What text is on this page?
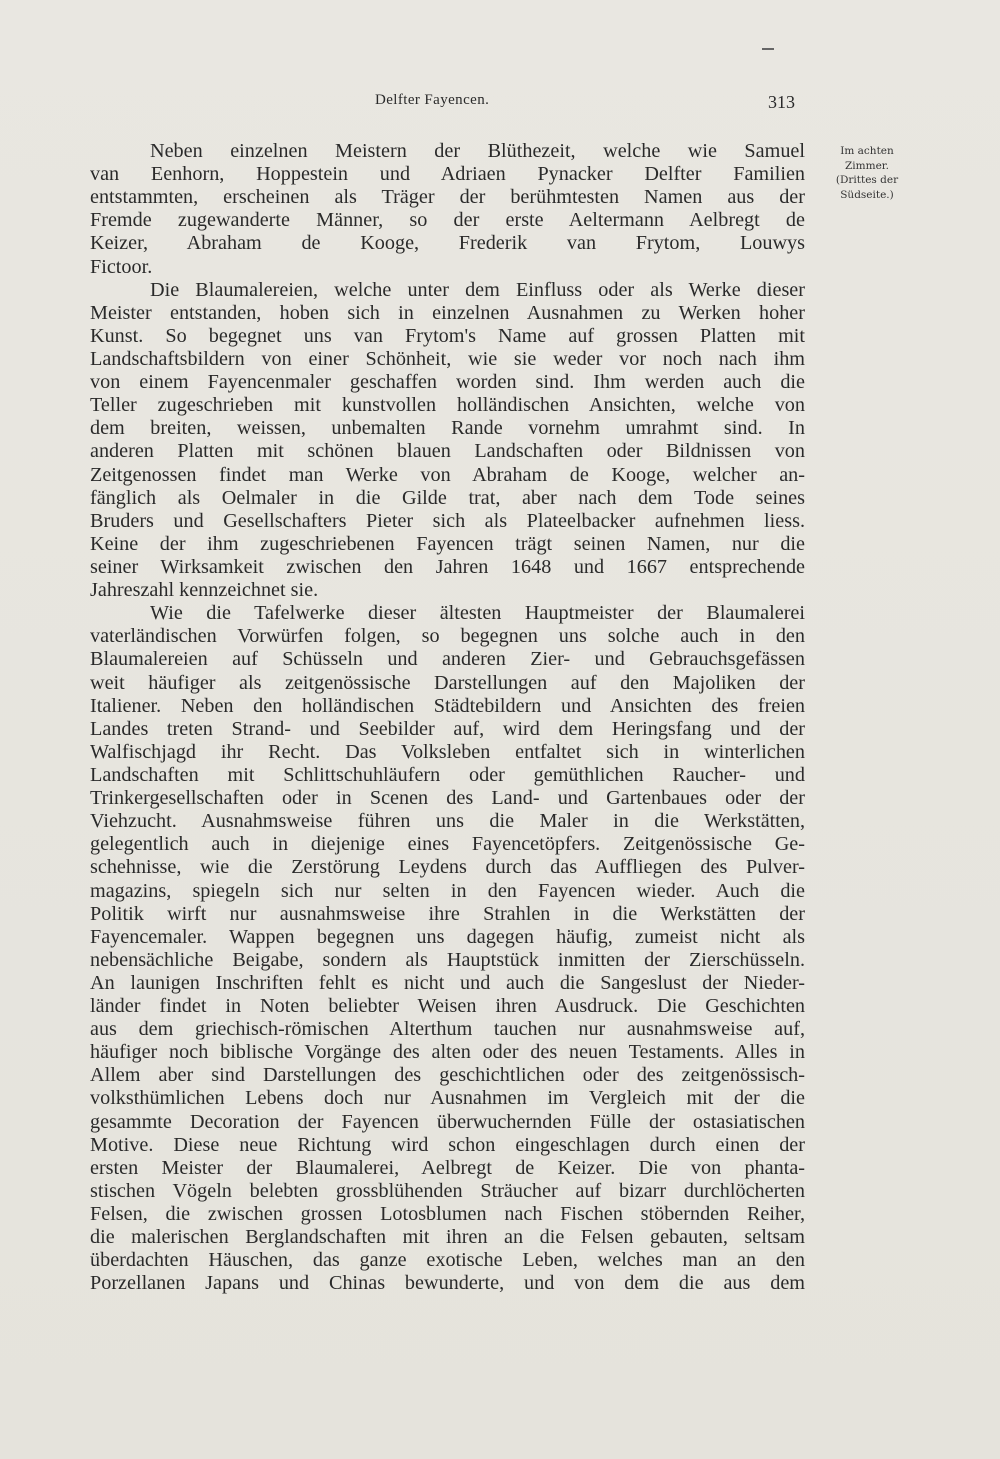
Delfter Fayencen.	313
Im achten
Zimmer.
(Drittes der
Südseite.)
Neben einzelnen Meistern der Blüthezeit, welche wie Samuel
van Eenhorn, Hoppestein und Adriaen Pynacker Delfter Familien
entstammten, erscheinen als Träger der berühmtesten Namen aus der
Fremde zugewanderte Männer, so der erste Aeltermann Aelbregt de
Keizer, Abraham de Kooge, Frederik van Frytom, Louwys
Fictoor.
Die Blaumalereien, welche unter dem Einfluss oder als Werke dieser
Meister entstanden, hoben sich in einzelnen Ausnahmen zu Werken hoher
Kunst. So begegnet uns van Frytom's Name auf grossen Platten mit
Landschaftsbildern von einer Schönheit, wie sie weder vor noch nach ihm
von einem Fayencenmaler geschaffen worden sind. Ihm werden auch die
Teller zugeschrieben mit kunstvollen holländischen Ansichten, welche von
dem breiten, weissen, unbemalten Rande vornehm umrahmt sind. In
anderen Platten mit schönen blauen Landschaften oder Bildnissen von
Zeitgenossen findet man Werke von Abraham de Kooge, welcher an-
fänglich als Oelmaler in die Gilde trat, aber nach dem Tode seines
Bruders und Gesellschafters Pieter sich als Plateelbacker aufnehmen liess.
Keine der ihm zugeschriebenen Fayencen trägt seinen Namen, nur die
seiner Wirksamkeit zwischen den Jahren 1648 und 1667 entsprechende
Jahreszahl kennzeichnet sie.
Wie die Tafelwerke dieser ältesten Hauptmeister der Blaumalerei
vaterländischen Vorwürfen folgen, so begegnen uns solche auch in den
Blaumalereien auf Schüsseln und anderen Zier- und Gebrauchsgefässen
weit häufiger als zeitgenössische Darstellungen auf den Majoliken der
Italiener. Neben den holländischen Städtebildern und Ansichten des freien
Landes treten Strand- und Seebilder auf, wird dem Heringsfang und der
Walfischjagd ihr Recht. Das Volksleben entfaltet sich in winterlichen
Landschaften mit Schlittschuhläufern oder gemüthlichen Raucher- und
Trinkergesellschaften oder in Scenen des Land- und Gartenbaues oder der
Viehzucht. Ausnahmsweise führen uns die Maler in die Werkstätten,
gelegentlich auch in diejenige eines Fayencetöpfers. Zeitgenössische Ge-
schehnisse, wie die Zerstörung Leydens durch das Auffliegen des Pulver-
magazins, spiegeln sich nur selten in den Fayencen wieder. Auch die
Politik wirft nur ausnahmsweise ihre Strahlen in die Werkstätten der
Fayencemaler. Wappen begegnen uns dagegen häufig, zumeist nicht als
nebensächliche Beigabe, sondern als Hauptstück inmitten der Zierschüsseln.
An launigen Inschriften fehlt es nicht und auch die Sangeslust der Nieder-
länder findet in Noten beliebter Weisen ihren Ausdruck. Die Geschichten
aus dem griechisch-römischen Alterthum tauchen nur ausnahmsweise auf,
häufiger noch biblische Vorgänge des alten oder des neuen Testaments. Alles in
Allem aber sind Darstellungen des geschichtlichen oder des zeitgenössisch-
volksthümlichen Lebens doch nur Ausnahmen im Vergleich mit der die
gesammte Decoration der Fayencen überwuchernden Fülle der ostasiatischen
Motive. Diese neue Richtung wird schon eingeschlagen durch einen der
ersten Meister der Blaumalerei, Aelbregt de Keizer. Die von phanta-
stischen Vögeln belebten grossblühenden Sträucher auf bizarr durchlöcherten
Felsen, die zwischen grossen Lotosblumen nach Fischen stöbernden Reiher,
die malerischen Berglandschaften mit ihren an die Felsen gebauten, seltsam
überdachten Häuschen, das ganze exotische Leben, welches man an den
Porzellanen Japans und Chinas bewunderte, und von dem die aus dem
